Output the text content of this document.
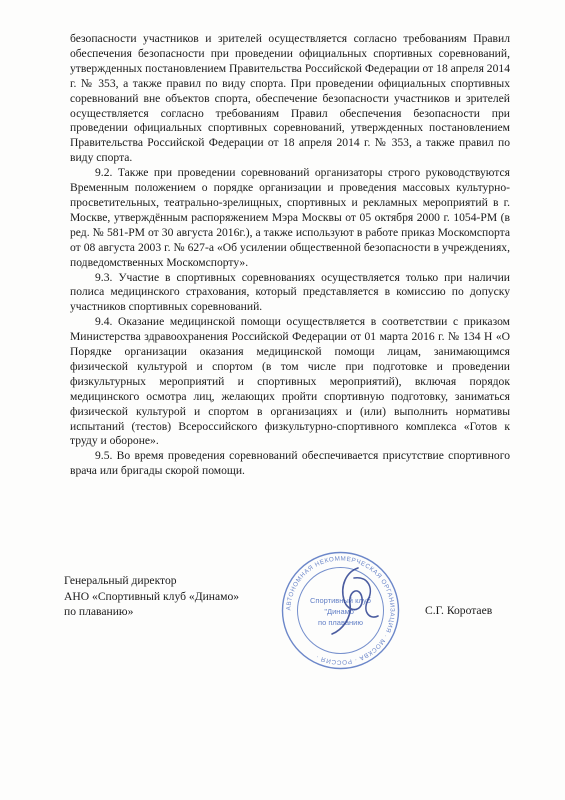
безопасности участников и зрителей осуществляется согласно требованиям Правил обеспечения безопасности при проведении официальных спортивных соревнований, утвержденных постановлением Правительства Российской Федерации от 18 апреля 2014 г. № 353, а также правил по виду спорта. При проведении официальных спортивных соревнований вне объектов спорта, обеспечение безопасности участников и зрителей осуществляется согласно требованиям Правил обеспечения безопасности при проведении официальных спортивных соревнований, утвержденных постановлением Правительства Российской Федерации от 18 апреля 2014 г. № 353, а также правил по виду спорта.

9.2. Также при проведении соревнований организаторы строго руководствуются Временным положением о порядке организации и проведения массовых культурно-просветительных, театрально-зрелищных, спортивных и рекламных мероприятий в г. Москве, утверждённым распоряжением Мэра Москвы от 05 октября 2000 г. 1054-РМ (в ред. № 581-РМ от 30 августа 2016г.), а также используют в работе приказ Москомспорта от 08 августа 2003 г. № 627-а «Об усилении общественной безопасности в учреждениях, подведомственных Москомспорту».

9.3. Участие в спортивных соревнованиях осуществляется только при наличии полиса медицинского страхования, который представляется в комиссию по допуску участников спортивных соревнований.

9.4. Оказание медицинской помощи осуществляется в соответствии с приказом Министерства здравоохранения Российской Федерации от 01 марта 2016 г. № 134 Н «О Порядке организации оказания медицинской помощи лицам, занимающимся физической культурой и спортом (в том числе при подготовке и проведении физкультурных мероприятий и спортивных мероприятий), включая порядок медицинского осмотра лиц, желающих пройти спортивную подготовку, заниматься физической культурой и спортом в организациях и (или) выполнить нормативы испытаний (тестов) Всероссийского физкультурно-спортивного комплекса «Готов к труду и обороне».

9.5. Во время проведения соревнований обеспечивается присутствие спортивного врача или бригады скорой помощи.

Генеральный директор
АНО «Спортивный клуб «Динамо»
по плаванию»	С.Г. Коротаев
АВТОНОМНАЯ НЕКОММЕРЧЕСКАЯ ОРГАНИЗАЦИЯ · МОСКВА · РОССИЯ ·
Спортивный клуб
"Динамо"
по плаванию
